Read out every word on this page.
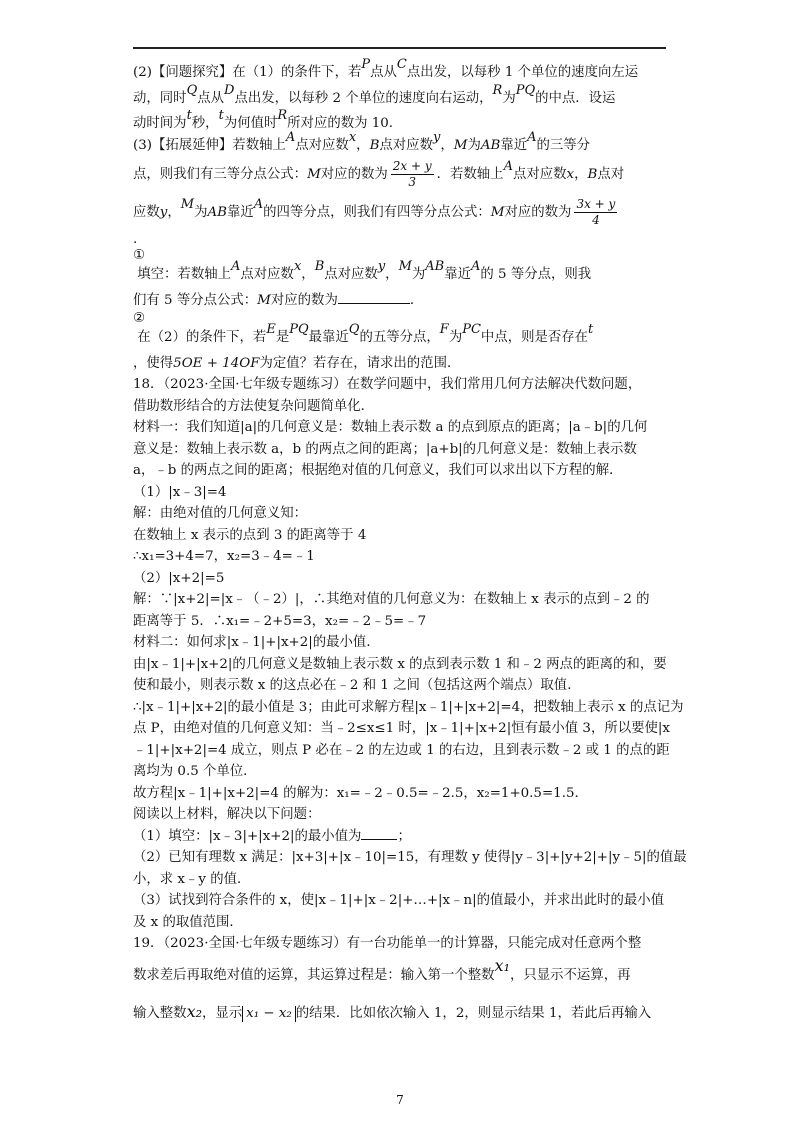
(2)【问题探究】在（1）的条件下，若P点从C点出发，以每秒 1 个单位的速度向左运
动，同时Q点从D点出发，以每秒 2 个单位的速度向右运动，R为PQ的中点．设运
动时间为t秒，t为何值时R所对应的数为 10．
(3)【拓展延伸】若数轴上A点对应数x，B点对应数y，M为AB靠近A的三等分
点，则我们有三等分点公式：M对应的数为 $\frac{2x + y}{3}$ ．若数轴上A点对应数x，B点对
应数y，M为AB靠近A的四等分点，则我们有四等分点公式：M对应的数为 $\frac{3x + y}{4}$
.
①
填空：若数轴上A点对应数x，B点对应数y，M为AB靠近A的 5 等分点，则我
们有 5 等分点公式：M对应的数为	．
②
在（2）的条件下，若E是PQ最靠近Q的五等分点，F为PC中点，则是否存在t
，使得5OE + 14OF为定值？若存在，请求出的范围．
18．（2023·全国·七年级专题练习）在数学问题中，我们常用几何方法解决代数问题，
借助数形结合的方法使复杂问题简单化．
材料一：我们知道|a|的几何意义是：数轴上表示数 a 的点到原点的距离；|a﹣b|的几何
意义是：数轴上表示数 a，b 的两点之间的距离；|a+b|的几何意义是：数轴上表示数
a，﹣b 的两点之间的距离；根据绝对值的几何意义，我们可以求出以下方程的解．
（1）|x﹣3|=4
解：由绝对值的几何意义知：
在数轴上 x 表示的点到 3 的距离等于 4
∴x₁=3+4=7，x₂=3﹣4=﹣1
（2）|x+2|=5
解：∵|x+2|=|x﹣（﹣2）|，∴其绝对值的几何意义为：在数轴上 x 表示的点到﹣2 的
距离等于 5．∴x₁=﹣2+5=3，x₂=﹣2﹣5=﹣7
材料二：如何求|x﹣1|+|x+2|的最小值．
由|x﹣1|+|x+2|的几何意义是数轴上表示数 x 的点到表示数 1 和﹣2 两点的距离的和，要
使和最小，则表示数 x 的这点必在﹣2 和 1 之间（包括这两个端点）取值．
∴|x﹣1|+|x+2|的最小值是 3；由此可求解方程|x﹣1|+|x+2|=4，把数轴上表示 x 的点记为
点 P，由绝对值的几何意义知：当﹣2≤x≤1 时，|x﹣1|+|x+2|恒有最小值 3，所以要使|x
﹣1|+|x+2|=4 成立，则点 P 必在﹣2 的左边或 1 的右边，且到表示数﹣2 或 1 的点的距
离均为 0.5 个单位．
故方程|x﹣1|+|x+2|=4 的解为：x₁=﹣2﹣0.5=﹣2.5，x₂=1+0.5=1.5．
阅读以上材料，解决以下问题：
（1）填空：|x﹣3|+|x+2|的最小值为	；
（2）已知有理数 x 满足：|x+3|+|x﹣10|=15，有理数 y 使得|y﹣3|+|y+2|+|y﹣5|的值最
小，求 x﹣y 的值．
（3）试找到符合条件的 x，使|x﹣1|+|x﹣2|+…+|x﹣n|的值最小，并求出此时的最小值
及 x 的取值范围．
19．（2023·全国·七年级专题练习）有一台功能单一的计算器，只能完成对任意两个整
数求差后再取绝对值的运算，其运算过程是：输入第一个整数x₁，只显示不运算，再
输入整数x₂，显示 x₁ − x₂ 的结果．比如依次输入 1，2，则显示结果 1，若此后再输入
7
